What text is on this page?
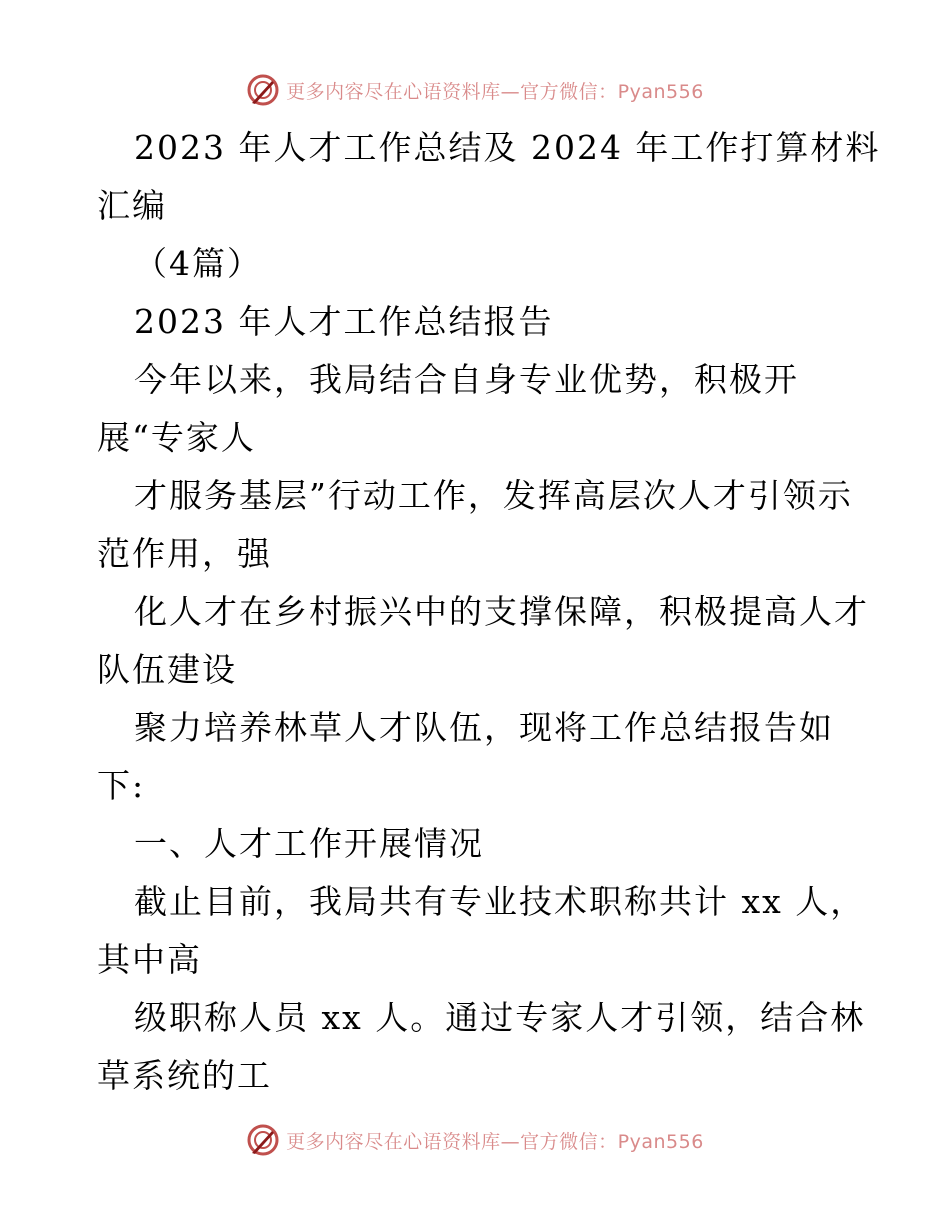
更多内容尽在心语资料库—官方微信：Pyan556
2023 年人才工作总结及 2024 年工作打算材料
汇编
（4篇）
2023 年人才工作总结报告
今年以来，我局结合自身专业优势，积极开
展“专家人
才服务基层”行动工作，发挥高层次人才引领示
范作用，强
化人才在乡村振兴中的支撑保障，积极提高人才
队伍建设
聚力培养林草人才队伍，现将工作总结报告如
下:
一、人才工作开展情况
截止目前，我局共有专业技术职称共计 xx 人，
其中高
级职称人员 xx 人。通过专家人才引领，结合林
草系统的工
更多内容尽在心语资料库—官方微信：Pyan556
